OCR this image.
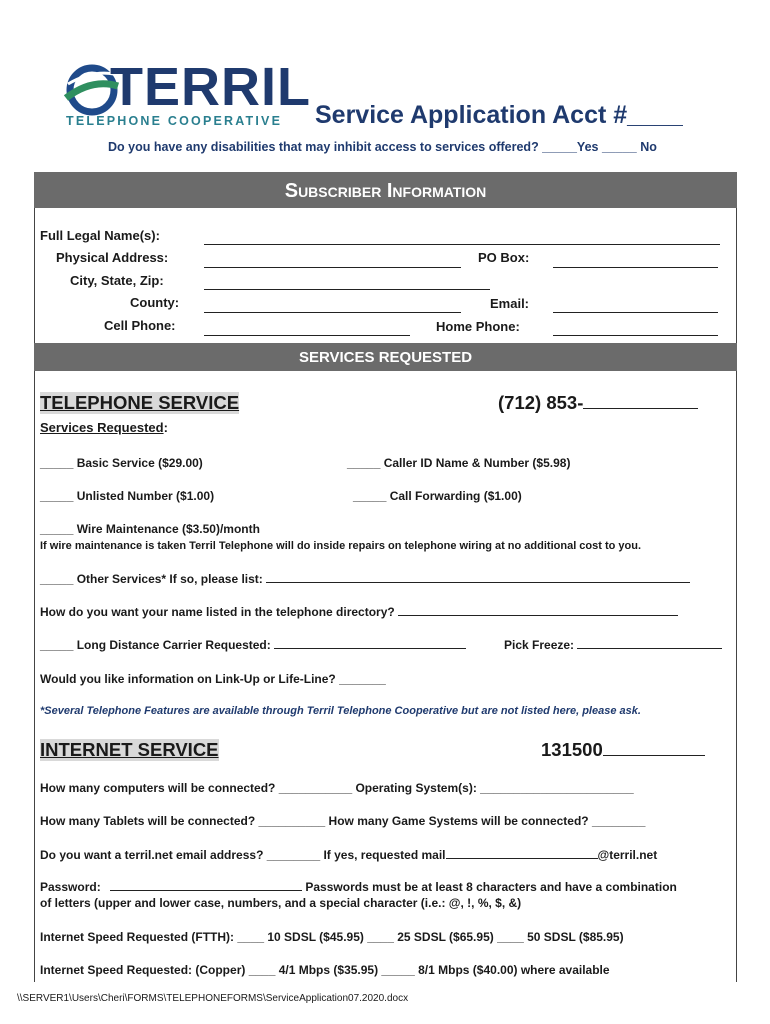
TERRIL
TELEPHONE COOPERATIVE Service Application Acct #____
Do you have any disabilities that may inhibit access to services offered? _____Yes _____ No
Subscriber Information
Full Legal Name(s):
Physical Address:	PO Box:
City, State, Zip:
County:	Email:
Cell Phone:	Home Phone:
SERVICES REQUESTED
TELEPHONE SERVICE	(712) 853-
Services Requested:
_____ Basic Service ($29.00)	_____ Caller ID Name & Number ($5.98)
_____ Unlisted Number ($1.00)	_____ Call Forwarding ($1.00)
_____ Wire Maintenance ($3.50)/month
If wire maintenance is taken Terril Telephone will do inside repairs on telephone wiring at no additional cost to you.
_____ Other Services* If so, please list:
How do you want your name listed in the telephone directory?
_____ Long Distance Carrier Requested:	Pick Freeze:
Would you like information on Link-Up or Life-Line? _______
*Several Telephone Features are available through Terril Telephone Cooperative but are not listed here, please ask.
INTERNET SERVICE	131500
How many computers will be connected? ___________ Operating System(s): _______________________
How many Tablets will be connected? __________ How many Game Systems will be connected? ________
Do you want a terril.net email address? ________ If yes, requested mail	@terril.net
Password:	Passwords must be at least 8 characters and have a combination
of letters (upper and lower case, numbers, and a special character (i.e.: @, !, %, $, &)
Internet Speed Requested (FTTH): ____ 10 SDSL ($45.95) ____ 25 SDSL ($65.95) ____ 50 SDSL ($85.95)
Internet Speed Requested: (Copper) ____ 4/1 Mbps ($35.95) _____ 8/1 Mbps ($40.00) where available
\\SERVER1\Users\Cheri\FORMS\TELEPHONEFORMS\ServiceApplication07.2020.docx
